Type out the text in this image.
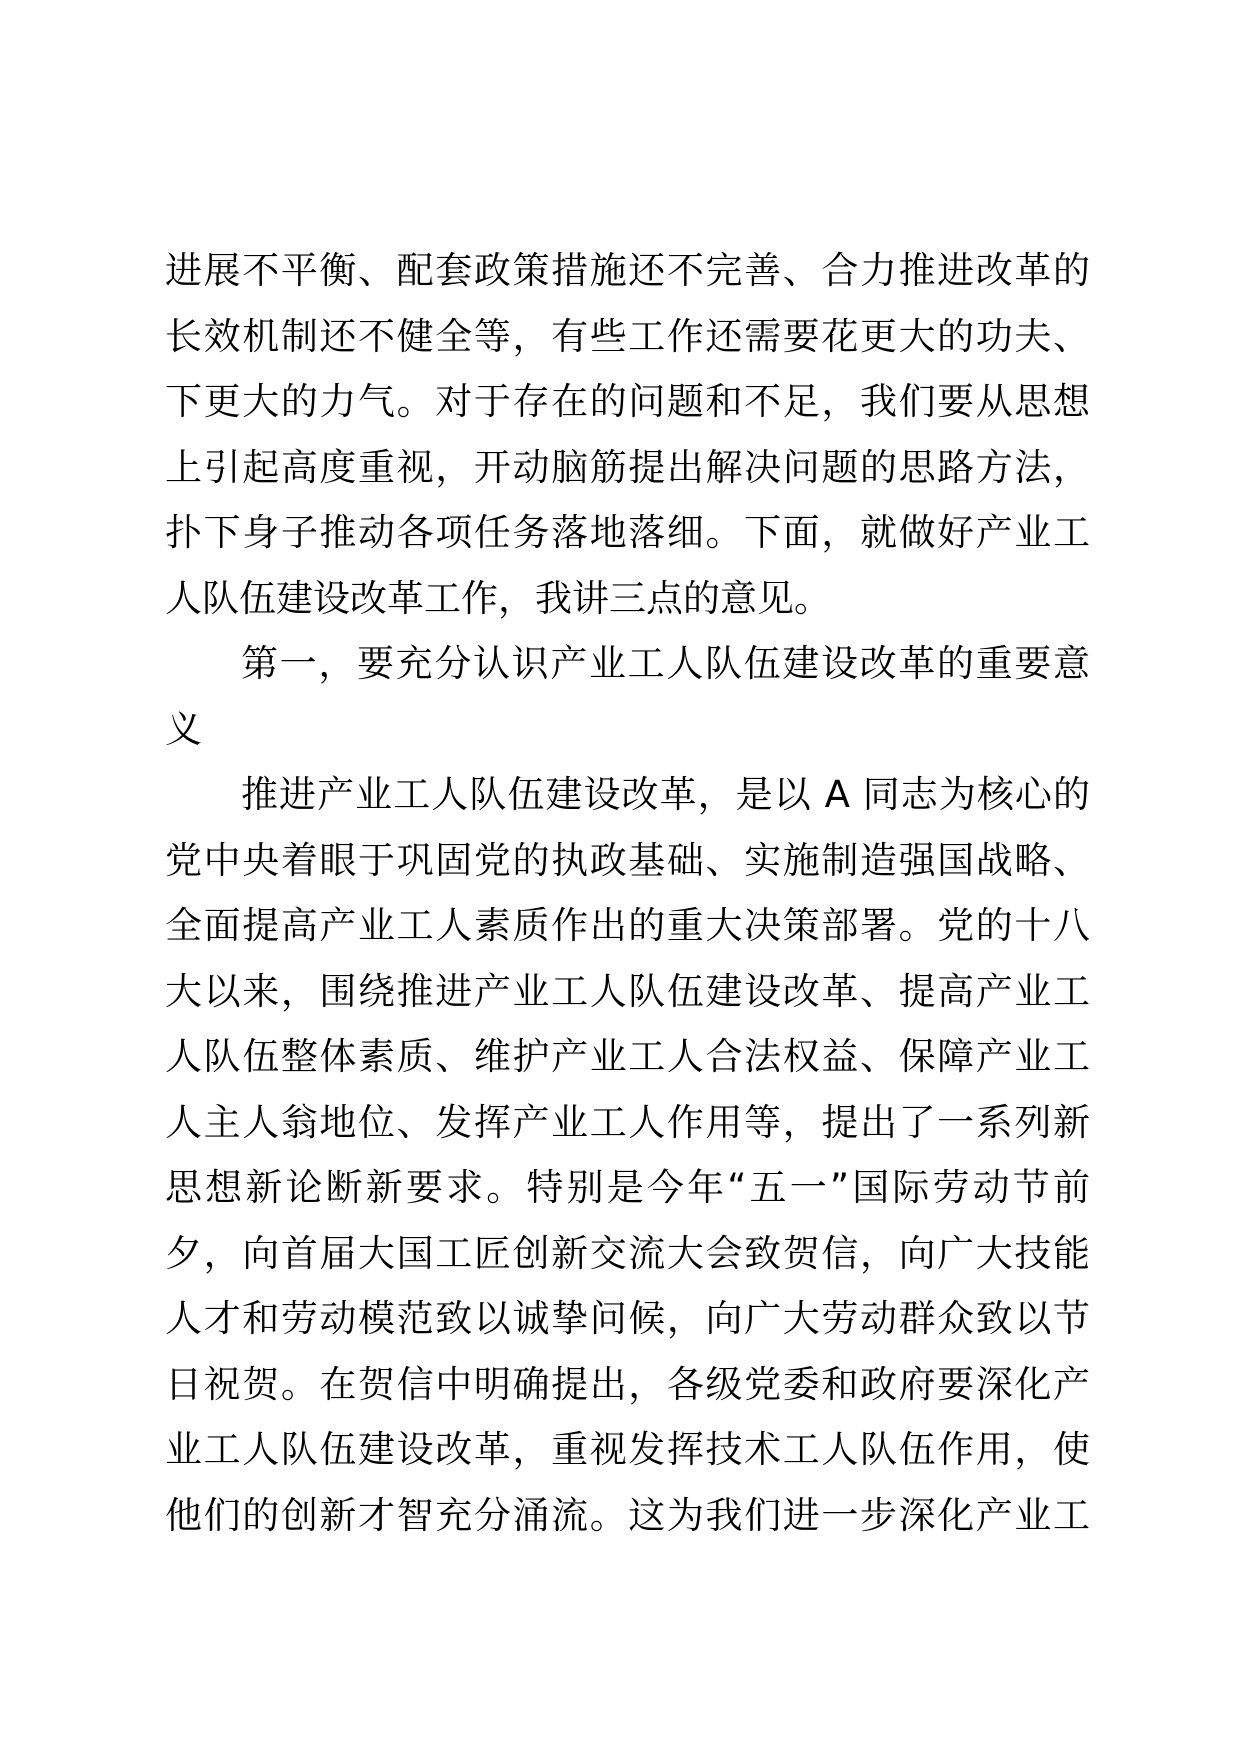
进展不平衡、配套政策措施还不完善、合力推进改革的
长效机制还不健全等，有些工作还需要花更大的功夫、
下更大的力气。对于存在的问题和不足，我们要从思想
上引起高度重视，开动脑筋提出解决问题的思路方法，
扑下身子推动各项任务落地落细。下面，就做好产业工
人队伍建设改革工作，我讲三点的意见。
第一，要充分认识产业工人队伍建设改革的重要意
义
推进产业工人队伍建设改革，是以 A 同志为核心的
党中央着眼于巩固党的执政基础、实施制造强国战略、
全面提高产业工人素质作出的重大决策部署。党的十八
大以来，围绕推进产业工人队伍建设改革、提高产业工
人队伍整体素质、维护产业工人合法权益、保障产业工
人主人翁地位、发挥产业工人作用等，提出了一系列新
思想新论断新要求。特别是今年“五一”国际劳动节前
夕，向首届大国工匠创新交流大会致贺信，向广大技能
人才和劳动模范致以诚挚问候，向广大劳动群众致以节
日祝贺。在贺信中明确提出，各级党委和政府要深化产
业工人队伍建设改革，重视发挥技术工人队伍作用，使
他们的创新才智充分涌流。这为我们进一步深化产业工
